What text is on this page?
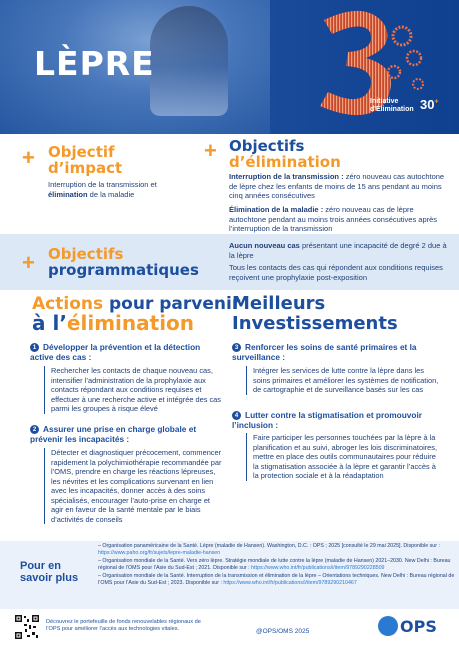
LÈPRE
Initiative
d'Élimination 30+
+ Objectif
d’impact
Interruption de la transmission et élimination de la maladie
+ Objectifs
d’élimination
Interruption de la transmission : zéro nouveau cas autochtone de lèpre chez les enfants de moins de 15 ans pendant au moins cinq années consécutives
Élimination de la maladie : zéro nouveau cas de lèpre autochtone pendant au moins trois années consécutives après l’interruption de la transmission
+ Objectifs
programmatiques
Aucun nouveau cas présentant une incapacité de degré 2 due à la lèpre
Tous les contacts des cas qui répondent aux conditions requises reçoivent une prophylaxie post-exposition
Actions pour parvenir
à l’élimination
Meilleurs
Investissements
1 Développer la prévention et la détection active des cas :
Rechercher les contacts de chaque nouveau cas, intensifier l’administration de la prophylaxie aux contacts répondant aux conditions requises et effectuer à une recherche active et intégrée des cas parmi les groupes à risque élevé
2 Assurer une prise en charge globale et prévenir les incapacités :
Détecter et diagnostiquer précocement, commencer rapidement la polychimiothérapie recommandée par l’OMS, prendre en charge les réactions lépreuses, les névrites et les complications survenant en lien avec les incapacités, donner accès à des soins spécialisés, encourager l’auto-prise en charge et agir en faveur de la santé mentale par le biais d’activités de conseils
3 Renforcer les soins de santé primaires et la surveillance :
Intégrer les services de lutte contre la lèpre dans les soins primaires et améliorer les systèmes de notification, de cartographie et de surveillance basés sur les cas
4 Lutter contre la stigmatisation et promouvoir l’inclusion :
Faire participer les personnes touchées par la lèpre à la planification et au suivi, abroger les lois discriminatoires, mettre en place des outils communautaires pour réduire la stigmatisation associée à la lèpre et garantir l’accès à la protection sociale et à la réadaptation
Pour en
savoir plus
– Organisation panaméricaine de la Santé. Lèpre (maladie de Hansen). Washington, D.C. : OPS ; 2025 [consulté le 29 mai 2025]. Disponible sur : https://www.paho.org/fr/sujets/lepre-maladie-hansen
– Organisation mondiale de la Santé. Vers zéro lèpre. Stratégie mondiale de lutte contre la lèpre (maladie de Hansen) 2021–2030. New Delhi : Bureau régional de l’OMS pour l’Asie du Sud-Est ; 2021. Disponible sur : https://www.who.int/fr/publications/i/item/9789290228509
– Organisation mondiale de la Santé. Interruption de la transmission et élimination de la lèpre – Orientations techniques. New Delhi : Bureau régional de l’OMS pour l’Asie du Sud-Est ; 2023. Disponible sur : https://www.who.int/fr/publications/i/item/9789290210467
Découvrez le portefeuille de fonds renouvelables régionaux de l’OPS pour améliorer l’accès aux technologies vitales.	@OPS/OMS 2025	OPS
